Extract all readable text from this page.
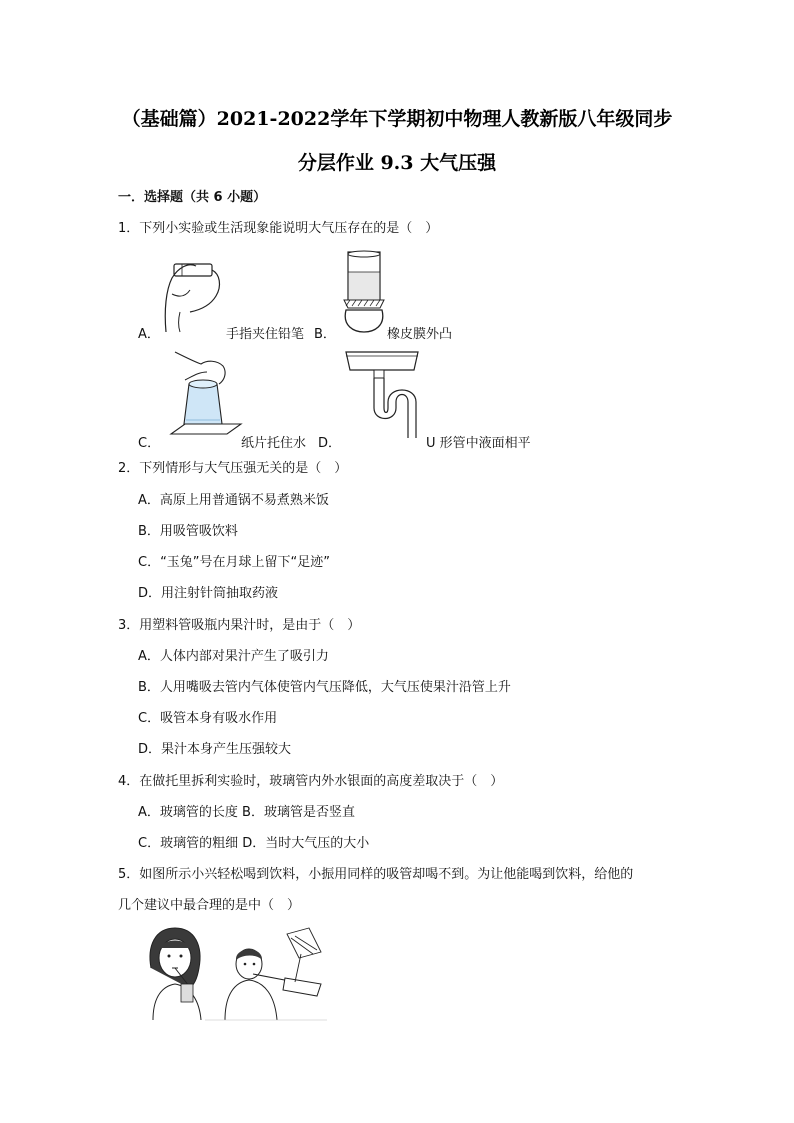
（基础篇）2021-2022学年下学期初中物理人教新版八年级同步
分层作业 9.3 大气压强
一．选择题（共 6 小题）
1．下列小实验或生活现象能说明大气压存在的是（　）
A．	手指夹住铅笔 B．	橡皮膜外凸
C．	纸片托住水 D．	U 形管中液面相平
2．下列情形与大气压强无关的是（　）
A．高原上用普通锅不易煮熟米饭
B．用吸管吸饮料
C．“玉兔”号在月球上留下“足迹”
D．用注射针筒抽取药液
3．用塑料管吸瓶内果汁时，是由于（　）
A．人体内部对果汁产生了吸引力
B．人用嘴吸去管内气体使管内气压降低，大气压使果汁沿管上升
C．吸管本身有吸水作用
D．果汁本身产生压强较大
4．在做托里拆利实验时，玻璃管内外水银面的高度差取决于（　）
A．玻璃管的长度 B．玻璃管是否竖直
C．玻璃管的粗细 D．当时大气压的大小
5．如图所示小兴轻松喝到饮料，小振用同样的吸管却喝不到。为让他能喝到饮料，给他的
几个建议中最合理的是中（　）
